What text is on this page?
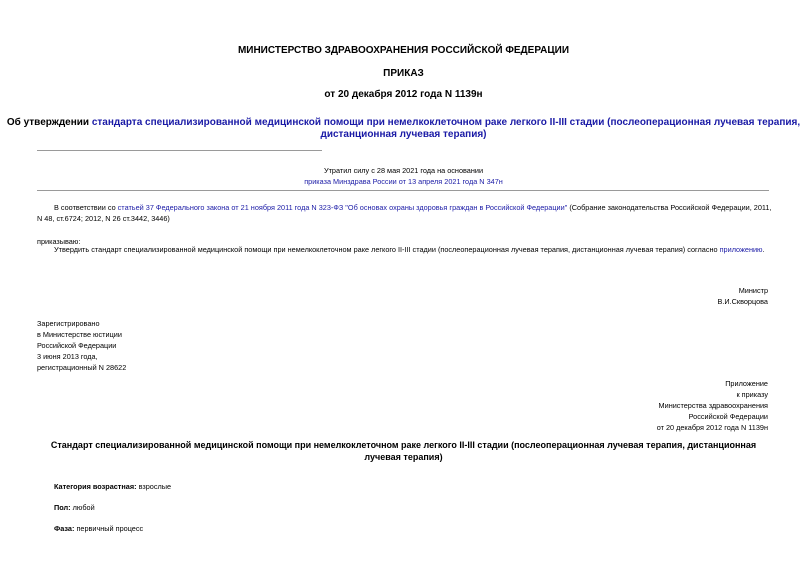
МИНИСТЕРСТВО ЗДРАВООХРАНЕНИЯ РОССИЙСКОЙ ФЕДЕРАЦИИ
ПРИКАЗ
от 20 декабря 2012 года N 1139н
Об утверждении стандарта специализированной медицинской помощи при немелкоклеточном раке легкого II-III стадии (послеоперационная лучевая терапия,
дистанционная лучевая терапия)
Утратил силу с 28 мая 2021 года на основании
приказа Минздрава России от 13 апреля 2021 года N 347н
В соответствии со статьей 37 Федерального закона от 21 ноября 2011 года N 323-ФЗ "Об основах охраны здоровья граждан в Российской Федерации" (Собрание законодательства Российской Федерации, 2011,
N 48, ст.6724; 2012, N 26 ст.3442, 3446)
приказываю:
Утвердить стандарт специализированной медицинской помощи при немелкоклеточном раке легкого II-III стадии (послеоперационная лучевая терапия, дистанционная лучевая терапия) согласно приложению.
Министр
В.И.Скворцова
Зарегистрировано
в Министерстве юстиции
Российской Федерации
3 июня 2013 года,
регистрационный N 28622
Приложение
к приказу
Министерства здравоохранения
Российской Федерации
от 20 декабря 2012 года N 1139н
Стандарт специализированной медицинской помощи при немелкоклеточном раке легкого II-III стадии (послеоперационная лучевая терапия, дистанционная
лучевая терапия)
Категория возрастная: взрослые
Пол: любой
Фаза: первичный процесс
